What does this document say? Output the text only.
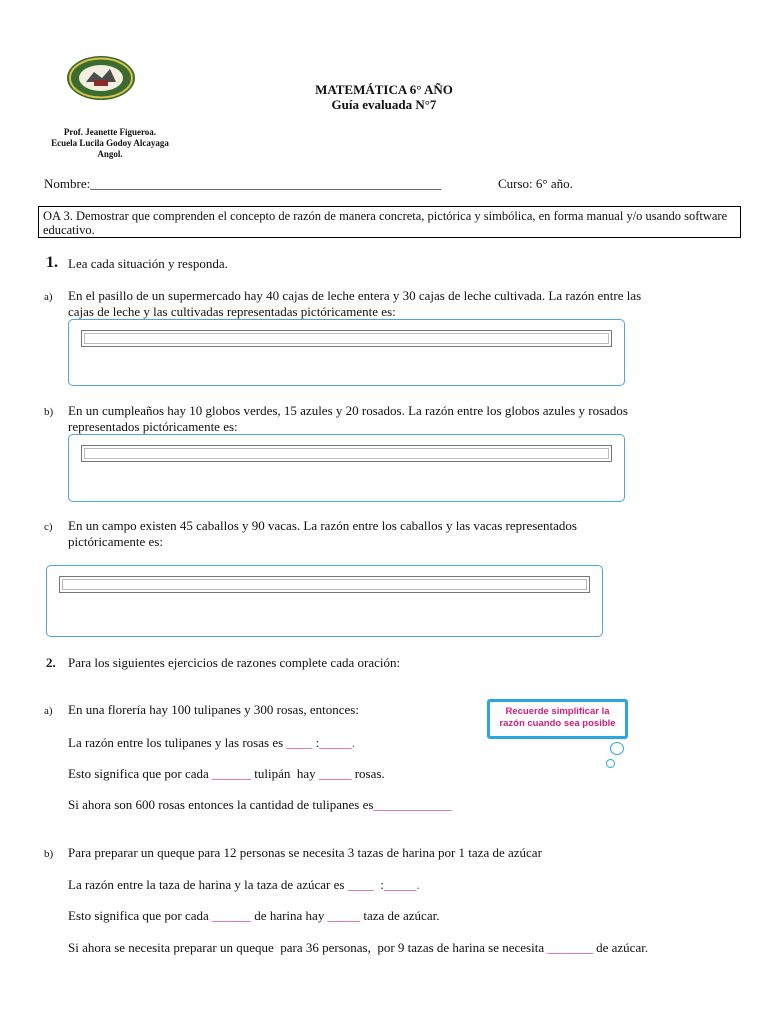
MATEMÁTICA 6° AÑO
Guía evaluada N°7
Prof. Jeanette Figueroa.
Ecuela Lucila Godoy Alcayaga
Angol.
Nombre:______________________________________________________	Curso: 6° año.
OA 3. Demostrar que comprenden el concepto de razón de manera concreta, pictórica y simbólica, en forma manual y/o usando software educativo.
1. Lea cada situación y responda.
a) En el pasillo de un supermercado hay 40 cajas de leche entera y 30 cajas de leche cultivada. La razón entre las
cajas de leche y las cultivadas representadas pictóricamente es:
b) En un cumpleaños hay 10 globos verdes, 15 azules y 20 rosados. La razón entre los globos azules y rosados
representados pictóricamente es:
c) En un campo existen 45 caballos y 90 vacas. La razón entre los caballos y las vacas representados
pictóricamente es:
2. Para los siguientes ejercicios de razones complete cada oración:
a) En una florería hay 100 tulipanes y 300 rosas, entonces:
La razón entre los tulipanes y las rosas es ____ :_____.
Esto significa que por cada ______ tulipán  hay _____ rosas.
Si ahora son 600 rosas entonces la cantidad de tulipanes es____________
Recuerde simplificar la
razón cuando sea posible
b) Para preparar un queque para 12 personas se necesita 3 tazas de harina por 1 taza de azúcar
La razón entre la taza de harina y la taza de azúcar es ____  :_____.
Esto significa que por cada ______ de harina hay _____ taza de azúcar.
Si ahora se necesita preparar un queque  para 36 personas,  por 9 tazas de harina se necesita _______ de azúcar.
